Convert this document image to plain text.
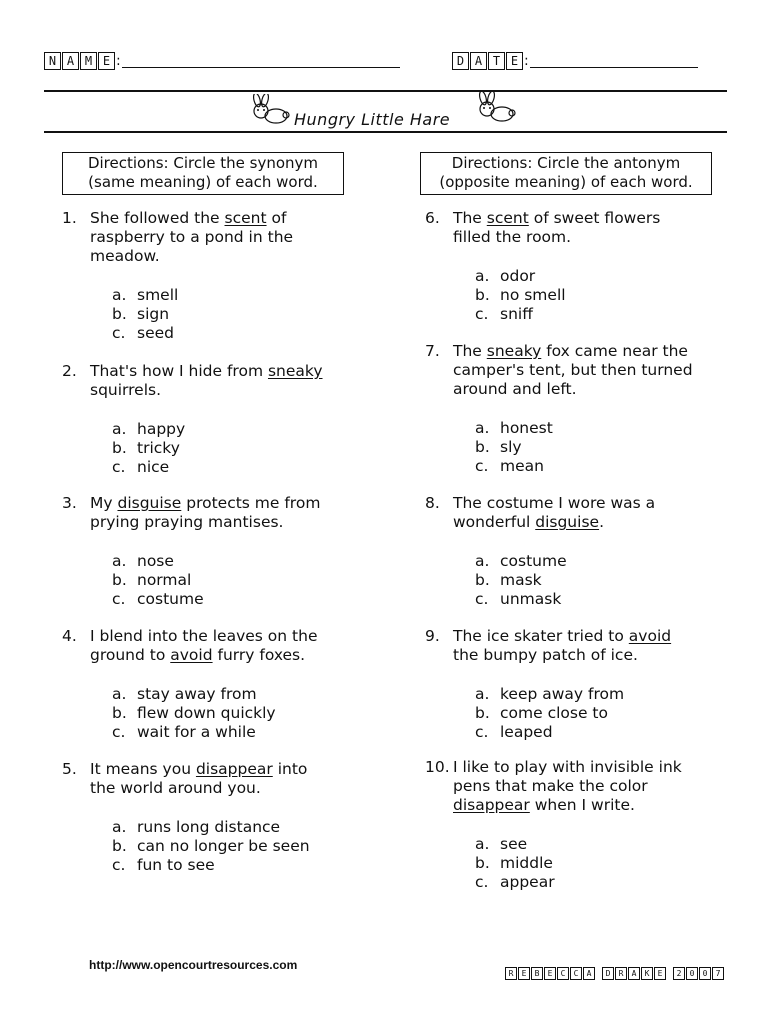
N A M E :	D A T E :
Hungry Little Hare
Directions: Circle the synonym
(same meaning) of each word.
Directions: Circle the antonym
(opposite meaning) of each word.
1. She followed the scent of
raspberry to a pond in the
meadow.
a. smell
b. sign
c. seed
2. That's how I hide from sneaky
squirrels.
a. happy
b. tricky
c. nice
3. My disguise protects me from
prying praying mantises.
a. nose
b. normal
c. costume
4. I blend into the leaves on the
ground to avoid furry foxes.
a. stay away from
b. flew down quickly
c. wait for a while
5. It means you disappear into
the world around you.
a. runs long distance
b. can no longer be seen
c. fun to see
6. The scent of sweet flowers
filled the room.
a. odor
b. no smell
c. sniff
7. The sneaky fox came near the
camper's tent, but then turned
around and left.
a. honest
b. sly
c. mean
8. The costume I wore was a
wonderful disguise.
a. costume
b. mask
c. unmask
9. The ice skater tried to avoid
the bumpy patch of ice.
a. keep away from
b. come close to
c. leaped
10. I like to play with invisible ink
pens that make the color
disappear when I write.
a. see
b. middle
c. appear
http://www.opencourtresources.com
R	E	B	E	C	C	A	D	R	A	K	E	2	0	0	7
